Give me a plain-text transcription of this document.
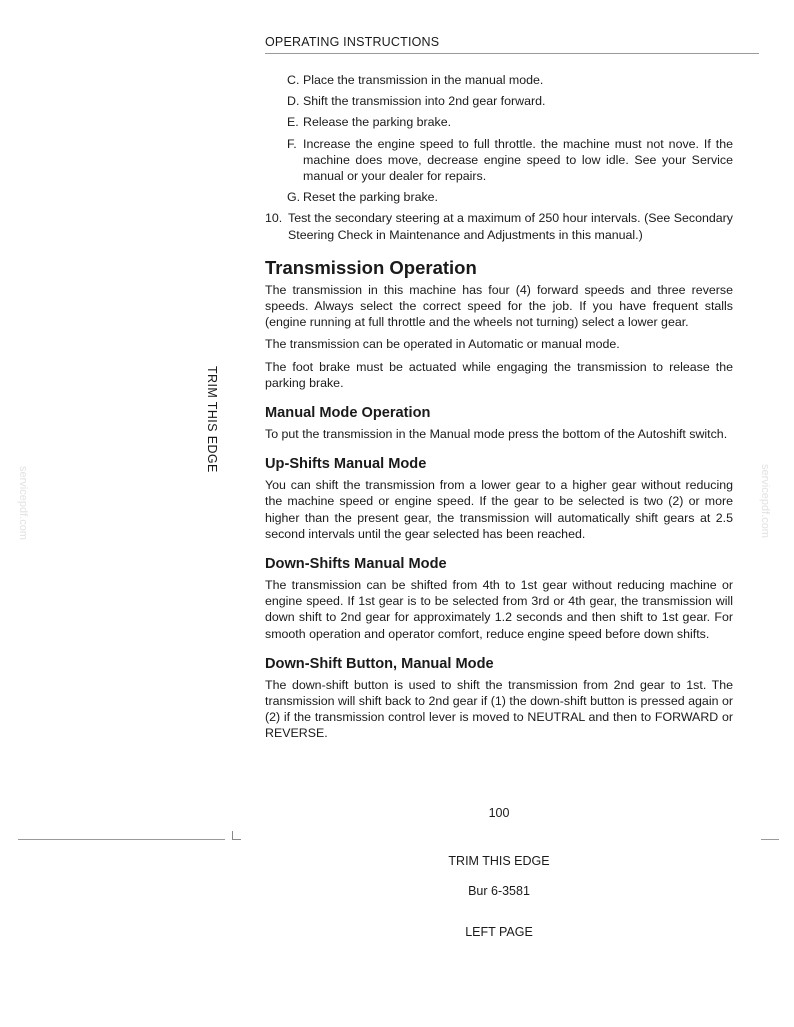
OPERATING INSTRUCTIONS
TRIM THIS EDGE
servicepdf.com	servicepdf.com
C. Place the transmission in the manual mode.
D. Shift the transmission into 2nd gear forward.
E. Release the parking brake.
F. Increase the engine speed to full throttle. the machine must not nove. If the machine does move, decrease engine speed to low idle. See your Service manual or your dealer for repairs.
G. Reset the parking brake.
10. Test the secondary steering at a maximum of 250 hour intervals. (See Secondary Steering Check in Maintenance and Adjustments in this manual.)
Transmission Operation

The transmission in this machine has four (4) forward speeds and three reverse speeds. Always select the correct speed for the job. If you have frequent stalls (engine running at full throttle and the wheels not turning) select a lower gear.

The transmission can be operated in Automatic or manual mode.

The foot brake must be actuated while engaging the transmission to release the parking brake.

Manual Mode Operation

To put the transmission in the Manual mode press the bottom of the Autoshift switch.

Up-Shifts Manual Mode

You can shift the transmission from a lower gear to a higher gear without reducing the machine speed or engine speed. If the gear to be selected is two (2) or more higher than the present gear, the transmission will automatically shift gears at 2.5 second intervals until the gear selected has been reached.

Down-Shifts Manual Mode

The transmission can be shifted from 4th to 1st gear without reducing machine or engine speed. If 1st gear is to be selected from 3rd or 4th gear, the transmission will down shift to 2nd gear for approximately 1.2 seconds and then shift to 1st gear. For smooth operation and operator comfort, reduce engine speed before down shifts.

Down-Shift Button, Manual Mode

The down-shift button is used to shift the transmission from 2nd gear to 1st. The transmission will shift back to 2nd gear if (1) the down-shift button is pressed again or (2) if the transmission control lever is moved to NEUTRAL and then to FORWARD or REVERSE.

100
TRIM THIS EDGE
Bur 6-3581
LEFT PAGE
